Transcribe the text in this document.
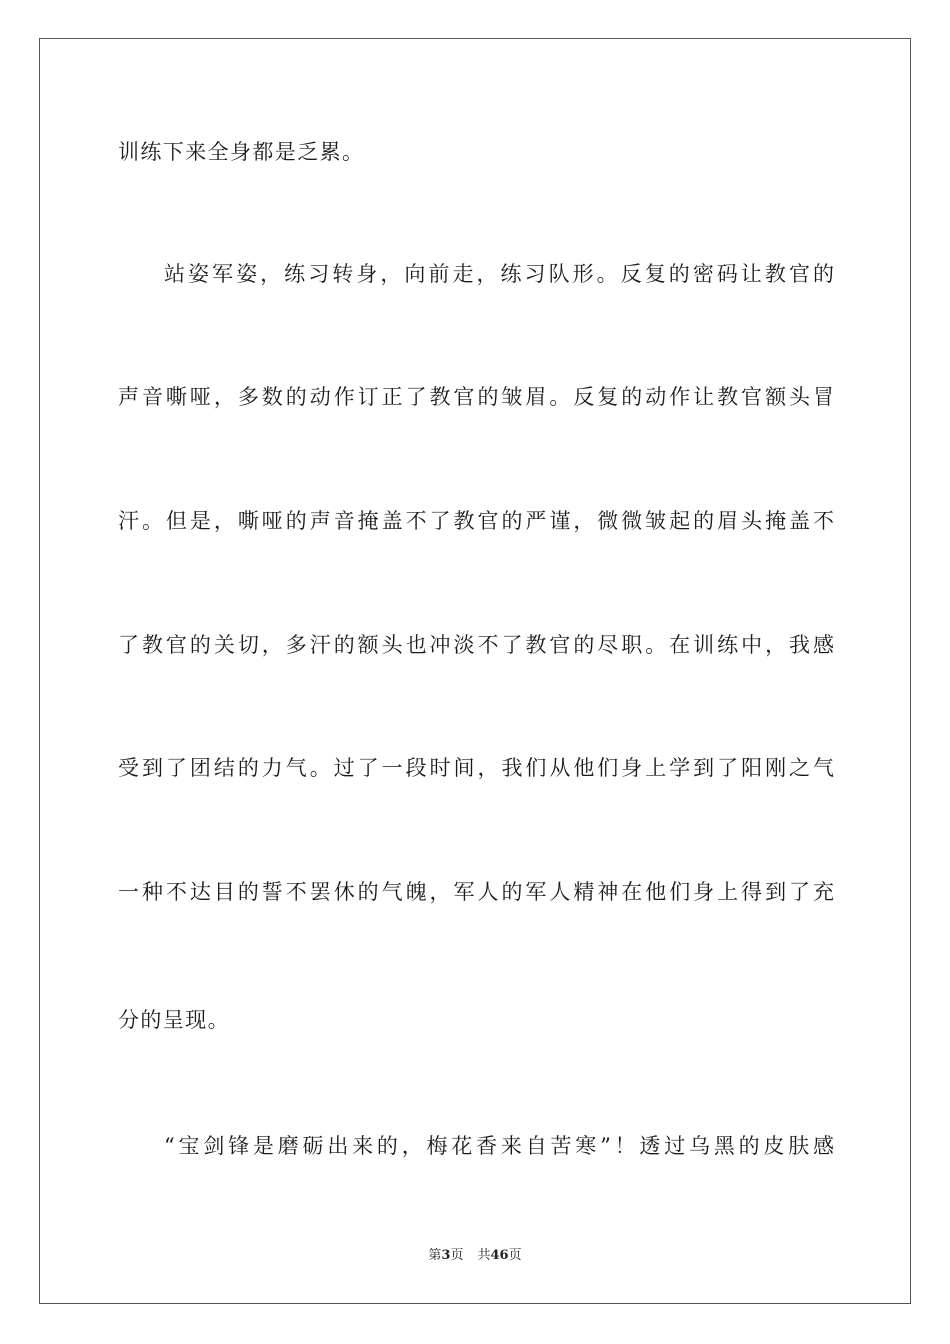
训练下来全身都是乏累。
站姿军姿，练习转身，向前走，练习队形。反复的密码让教官的
声音嘶哑，多数的动作订正了教官的皱眉。反复的动作让教官额头冒
汗。但是，嘶哑的声音掩盖不了教官的严谨，微微皱起的眉头掩盖不
了教官的关切，多汗的额头也冲淡不了教官的尽职。在训练中，我感
受到了团结的力气。过了一段时间，我们从他们身上学到了阳刚之气
一种不达目的誓不罢休的气魄，军人的军人精神在他们身上得到了充
分的呈现。
“宝剑锋是磨砺出来的，梅花香来自苦寒”！透过乌黑的皮肤感
第3页 共46页
